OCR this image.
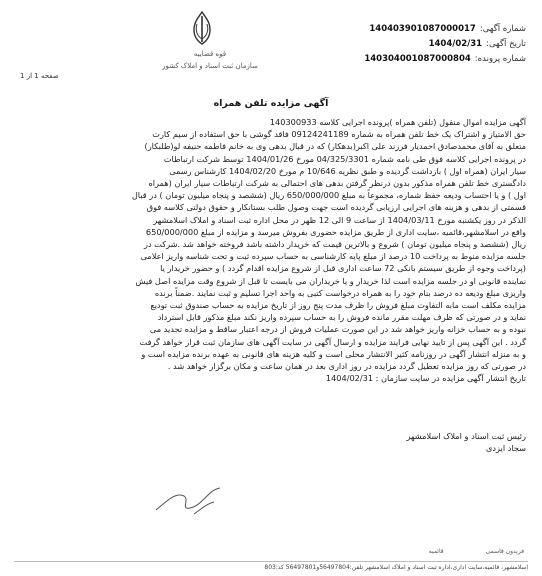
قوه قضاییه
سازمان ثبت اسناد و املاک کشور
شماره آگهی:
140403901087000017
تاریخ آگهی:
1404/02/31
شماره پرونده:
140304001087000804
صفحه 1 از 1
آگهی مزایده تلفن همراه

آگهی مزایده اموال منقول (تلفن همراه )پرونده اجرایی کلاسه 140300933

حق الامتیاز و اشتراک یک خط تلفن همراه به شماره 09124241189 فاقد گوشی با حق استفاده از سیم کارت

متعلق به آقای محمدصادق احمدیار فرزند علی اکبر(بدهکار) که در قبال بدهی وی به خانم فاطمه حنیفه لو(طلبکار)

در پرونده اجرایی کلاسه فوق طی نامه شماره 04/325/3301 مورخ 1404/01/26 توسط شرکت ارتباطات

سیار ایران (همراه اول ) بازداشت گردیده و طبق نظریه 10/646 م مورخ 1404/02/20 کارشناس رسمی

دادگستری خط تلفن همراه مذکور بدون درنظر گرفتن بدهی های احتمالی به شرکت ارتباطات سیار ایران (همراه

اول ) و یا احتساب ودیعه حفظ شماره، مجموعاً به مبلغ 650/000/000 ریال (ششصد و پنجاه میلیون تومان ) در قبال

قسمتی از بدهی و هزینه های اجرایی ارزیابی گردیده است جهت وصول طلب بستانکار و حقوق دولتی کلاسه فوق

الذکر در روز یکشنبه مورخ 1404/03/11 از ساعت 9 الی 12 ظهر در محل اداره ثبت اسناد و املاک اسلامشهر

واقع در اسلامشهر،قائمیه ،سایت اداری از طریق مزایده حضوری بفروش میرسد و مزایده از مبلغ 650/000/000

ریال (ششصد و پنجاه میلیون تومان ) شروع و بالاترین قیمت که خریدار داشته باشد فروخته خواهد شد .شرکت در

جلسه مزایده منوط به پرداخت 10 درصد از مبلغ پایه کارشناسی به حساب سپرده ثبت و تحت شناسه واریز اعلامی

(پرداخت وجوه از طریق سیستم بانکی 72 ساعت اداری قبل از شروع مزایده اقدام گردد ) و حضور خریدار یا

نماینده قانونی او در جلسه مزایده است لذا خریدار و یا خریداران می بایست تا قبل از شروع وقت مزایده اصل فیش

واریزی مبلغ ودیعه ده درصد بنام خود را به همراه درخواست کتبی به واحد اجرا تسلیم و ثبت نمایند .ضمناً برنده

مزایده مکلف است مابه التفاوت مبلغ فروش را ظرف مدت پنج روز از تاریخ مزایده به حساب صندوق ثبت تودیع

نماید و در صورتی که ظرف مهلت مقرر مانده فروش را به حساب سپرده واریز نکند مبلغ مذکور قابل استرداد

نبوده و به حساب خزانه واریز خواهد شد در این صورت عملیات فروش از درجه اعتبار ساقط و مزایده تجدید می

گردد . این آگهی پس از تایید نهایی فرایند مزایده و ارسال آگهی در سایت آگهی های سازمان ثبت قرار خواهد گرفت

و به منزله انتشار آگهی در روزنامه کثیر الانتشار محلی است و کلیه هزینه های قانونی به عهده برنده مزایده است و

در صورتی که روز مزایده تعطیل گردد مزایده در روز اداری بعد در همان ساعت و مکان برگزار خواهد شد .

تاریخ انتشار آگهی مزایده در سایت سازمان : 1404/02/31

رئیس ثبت اسناد و املاک اسلامشهر
سجاد ایزدی
فریدون قاسمی قائمیه
اسلامشهر، قائمیه،سایت اداری،اداره ثبت اسناد و املاک اسلامشهر تلفن:56497804و56497801 کد:803
